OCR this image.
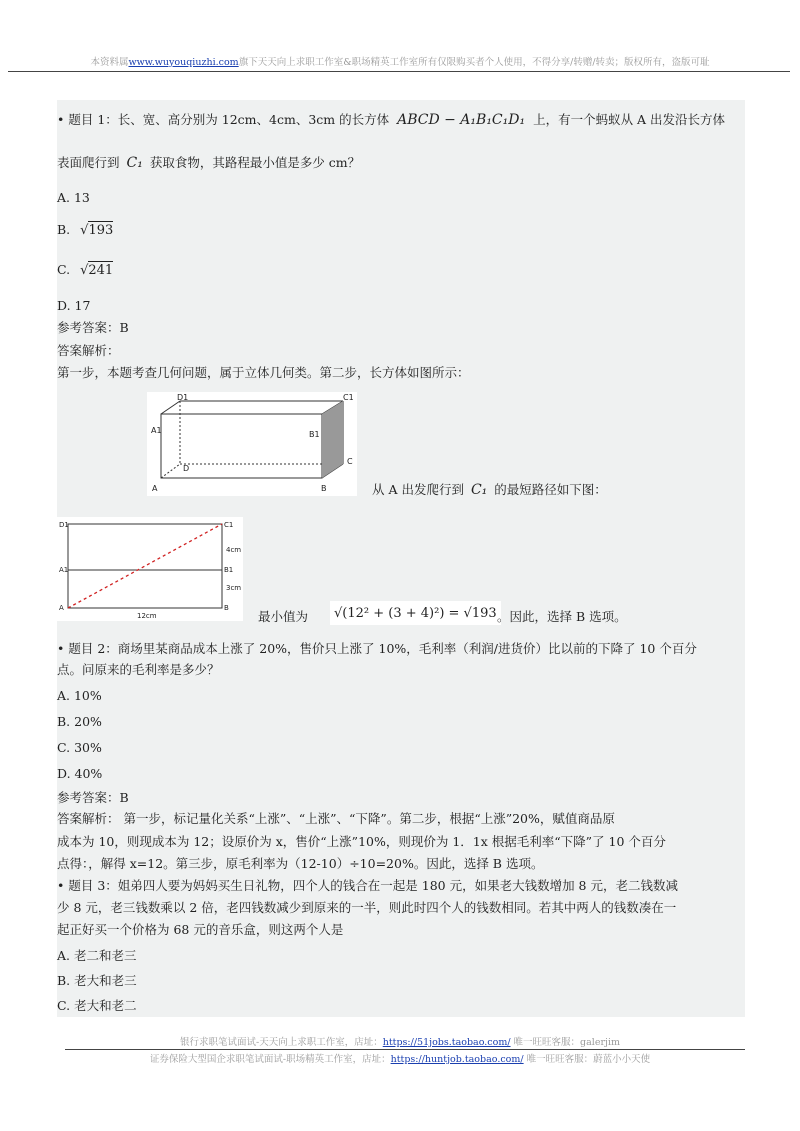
本资料属www.wuyouqiuzhi.com旗下天天向上求职工作室&职场精英工作室所有仅限购买者个人使用，不得分享/转赠/转卖；版权所有，盗版可耻
• 题目 1：长、宽、高分别为 12cm、4cm、3cm 的长方体 ABCD − A₁B₁C₁D₁ 上，有一个蚂蚁从 A 出发沿长方体
表面爬行到 C₁ 获取食物，其路程最小值是多少 cm？
A. 13
B. √193
C. √241
D. 17
参考答案：B
答案解析：
第一步，本题考查几何问题，属于立体几何类。第二步，长方体如图所示：
D1	C1
A1	B1
D
C
A	B	从 A 出发爬行到 C₁ 的最短路径如下图：
D1	C1
A1	B1
A	B
4cm
3cm
12cm	最小值为	√(12² + (3 + 4)²) = √193 。因此，选择 B 选项。
• 题目 2：商场里某商品成本上涨了 20%，售价只上涨了 10%，毛利率（利润/进货价）比以前的下降了 10 个百分
点。问原来的毛利率是多少？
A. 10%
B. 20%
C. 30%
D. 40%
参考答案：B
答案解析： 第一步，标记量化关系“上涨”、“上涨”、“下降”。第二步，根据“上涨”20%，赋值商品原
成本为 10，则现成本为 12；设原价为 x，售价“上涨”10%，则现价为 1．1x 根据毛利率“下降”了 10 个百分
点得：，解得 x=12。第三步，原毛利率为（12-10）÷10=20%。因此，选择 B 选项。
• 题目 3：姐弟四人要为妈妈买生日礼物，四个人的钱合在一起是 180 元，如果老大钱数增加 8 元，老二钱数减
少 8 元，老三钱数乘以 2 倍，老四钱数减少到原来的一半，则此时四个人的钱数相同。若其中两人的钱数凑在一
起正好买一个价格为 68 元的音乐盒，则这两个人是
A. 老二和老三
B. 老大和老三
C. 老大和老二
银行求职笔试面试-天天向上求职工作室，店址：https://51jobs.taobao.com/ 唯一旺旺客服：galerjim
证券保险大型国企求职笔试面试-职场精英工作室，店址：https://huntjob.taobao.com/ 唯一旺旺客服：蔚蓝小小天使
